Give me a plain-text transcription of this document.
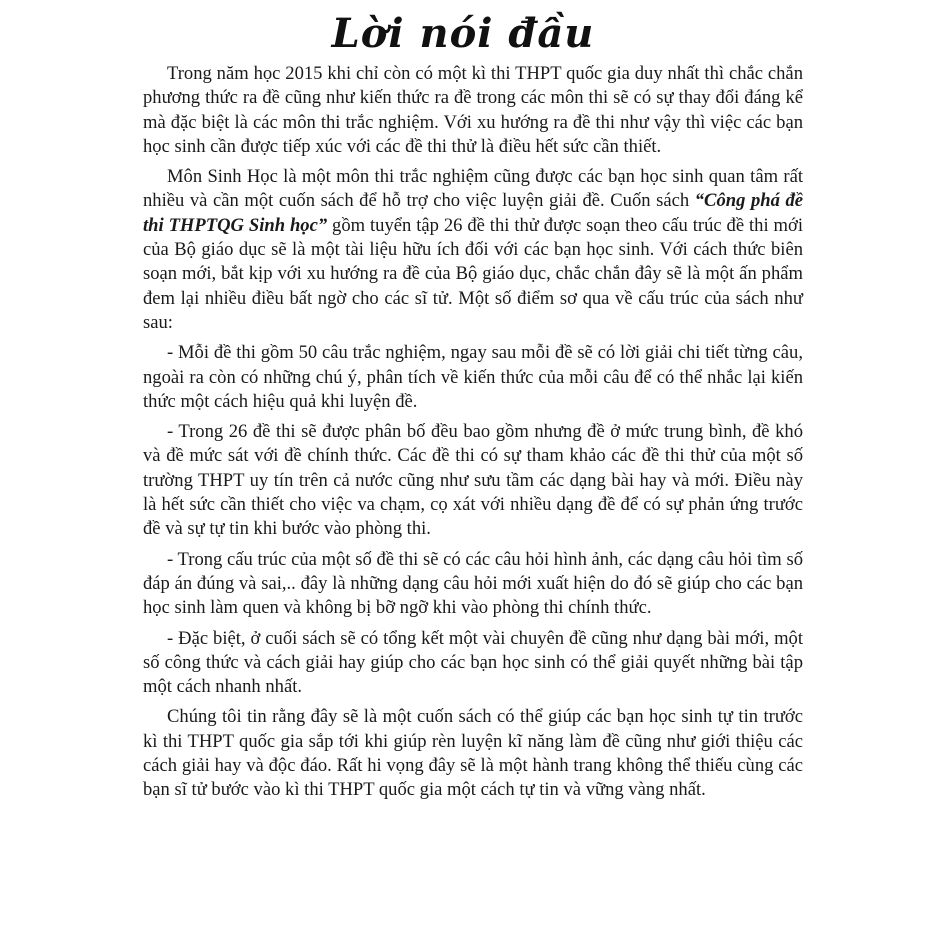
Lời nói đầu

Trong năm học 2015 khi chỉ còn có một kì thi THPT quốc gia duy nhất thì chắc chắn phương thức ra đề cũng như kiến thức ra đề trong các môn thi sẽ có sự thay đổi đáng kể mà đặc biệt là các môn thi trắc nghiệm. Với xu hướng ra đề thi như vậy thì việc các bạn học sinh cần được tiếp xúc với các đề thi thử là điều hết sức cần thiết.

Môn Sinh Học là một môn thi trắc nghiệm cũng được các bạn học sinh quan tâm rất nhiều và cần một cuốn sách để hỗ trợ cho việc luyện giải đề. Cuốn sách “Công phá đề thi THPTQG Sinh học” gồm tuyển tập 26 đề thi thử được soạn theo cấu trúc đề thi mới của Bộ giáo dục sẽ là một tài liệu hữu ích đối với các bạn học sinh. Với cách thức biên soạn mới, bắt kịp với xu hướng ra đề của Bộ giáo dục, chắc chắn đây sẽ là một ấn phẩm đem lại nhiều điều bất ngờ cho các sĩ tử. Một số điểm sơ qua về cấu trúc của sách như sau:

- Mỗi đề thi gồm 50 câu trắc nghiệm, ngay sau mỗi đề sẽ có lời giải chi tiết từng câu, ngoài ra còn có những chú ý, phân tích về kiến thức của mỗi câu để có thể nhắc lại kiến thức một cách hiệu quả khi luyện đề.

- Trong 26 đề thi sẽ được phân bố đều bao gồm nhưng đề ở mức trung bình, đề khó và đề mức sát với đề chính thức. Các đề thi có sự tham khảo các đề thi thử của một số trường THPT uy tín trên cả nước cũng như sưu tầm các dạng bài hay và mới. Điều này là hết sức cần thiết cho việc va chạm, cọ xát với nhiều dạng đề để có sự phản ứng trước đề và sự tự tin khi bước vào phòng thi.

- Trong cấu trúc của một số đề thi sẽ có các câu hỏi hình ảnh, các dạng câu hỏi tìm số đáp án đúng và sai,.. đây là những dạng câu hỏi mới xuất hiện do đó sẽ giúp cho các bạn học sinh làm quen và không bị bỡ ngỡ khi vào phòng thi chính thức.

- Đặc biệt, ở cuối sách sẽ có tổng kết một vài chuyên đề cũng như dạng bài mới, một số công thức và cách giải hay giúp cho các bạn học sinh có thể giải quyết những bài tập một cách nhanh nhất.

Chúng tôi tin rằng đây sẽ là một cuốn sách có thể giúp các bạn học sinh tự tin trước kì thi THPT quốc gia sắp tới khi giúp rèn luyện kĩ năng làm đề cũng như giới thiệu các cách giải hay và độc đáo. Rất hi vọng đây sẽ là một hành trang không thể thiếu cùng các bạn sĩ tử bước vào kì thi THPT quốc gia một cách tự tin và vững vàng nhất.
